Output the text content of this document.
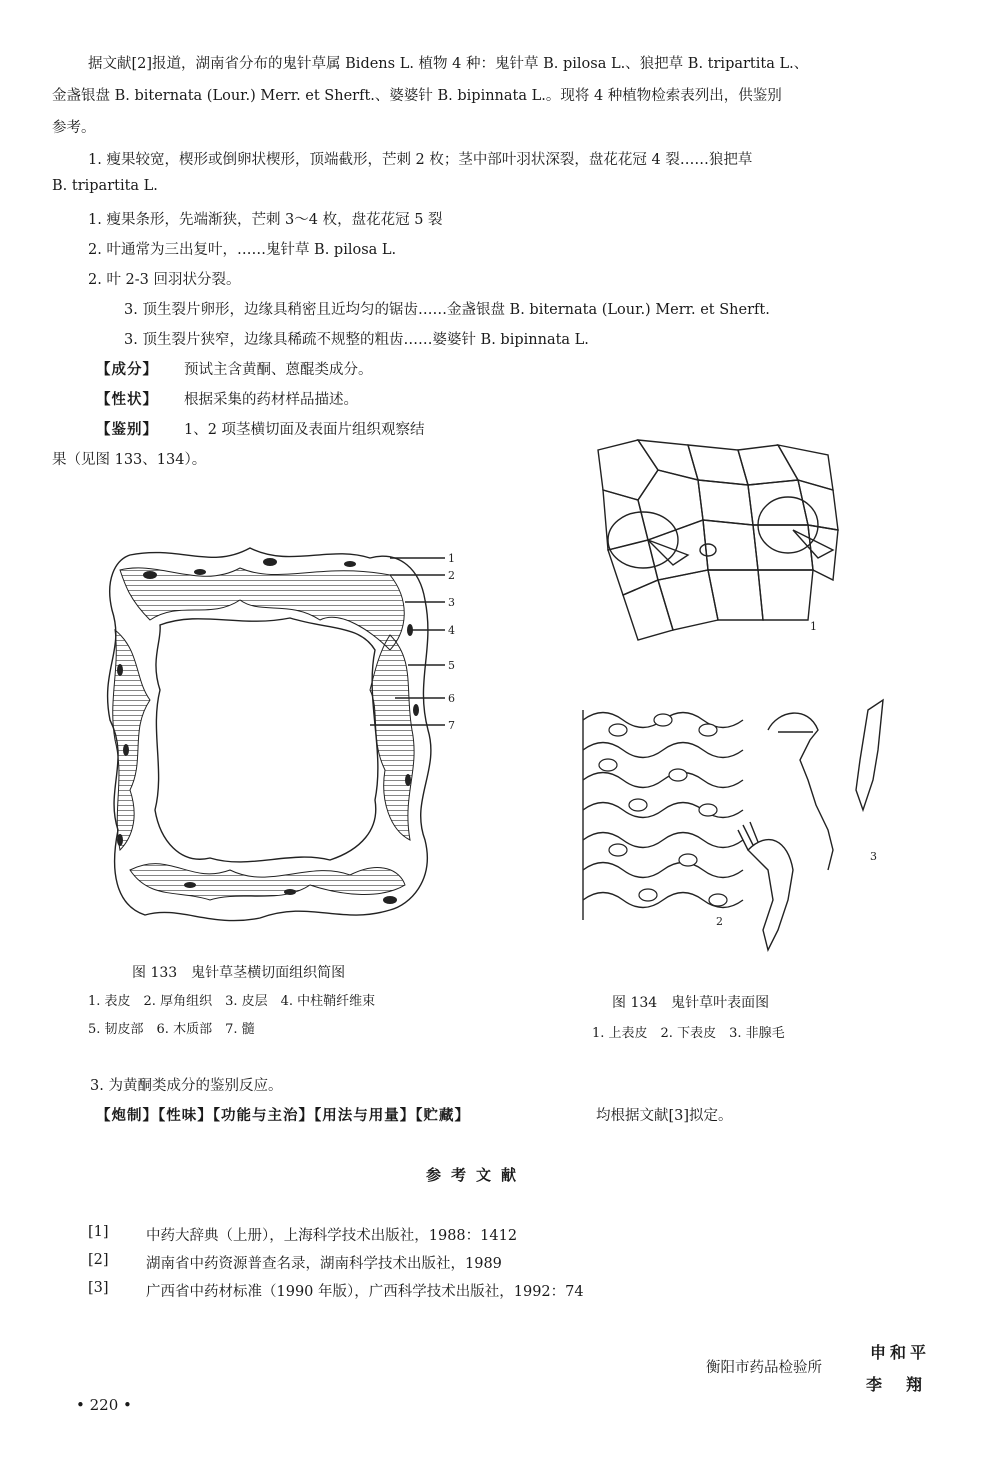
据文献[2]报道，湖南省分布的鬼针草属 Bidens L. 植物 4 种：鬼针草 B. pilosa L.、狼把草 B. tripartita L.、
金盏银盘 B. biternata (Lour.) Merr. et Sherft.、婆婆针 B. bipinnata L.。现将 4 种植物检索表列出，供鉴别
参考。
1. 瘦果较宽，楔形或倒卵状楔形，顶端截形，芒刺 2 枚；茎中部叶羽状深裂，盘花花冠 4 裂……狼把草
B. tripartita L.
1. 瘦果条形，先端渐狭，芒刺 3～4 枚，盘花花冠 5 裂
2. 叶通常为三出复叶，……鬼针草 B. pilosa L.
2. 叶 2-3 回羽状分裂。
3. 顶生裂片卵形，边缘具稍密且近均匀的锯齿……金盏银盘 B. biternata (Lour.) Merr. et Sherft.
3. 顶生裂片狭窄，边缘具稀疏不规整的粗齿……婆婆针 B. bipinnata L.
【成分】 预试主含黄酮、蒽醌类成分。
【性状】 根据采集的药材样品描述。
【鉴别】 1、2 项茎横切面及表面片组织观察结
果（见图 133、134）。
1
2
3
4
5
6
7
图 133　鬼针草茎横切面组织简图
1. 表皮　2. 厚角组织　3. 皮层　4. 中柱鞘纤维束
5. 韧皮部　6. 木质部　7. 髓
1
2
3
图 134　鬼针草叶表面图
1. 上表皮　2. 下表皮　3. 非腺毛
3. 为黄酮类成分的鉴别反应。
【炮制】【性味】【功能与主治】【用法与用量】【贮藏】	均根据文献[3]拟定。
参考文献
[1]	中药大辞典（上册），上海科学技术出版社，1988：1412
[2]	湖南省中药资源普查名录，湖南科学技术出版社，1989
[3]	广西省中药材标准（1990 年版），广西科学技术出版社，1992：74
衡阳市药品检验所
申和平
李　翔
• 220 •
